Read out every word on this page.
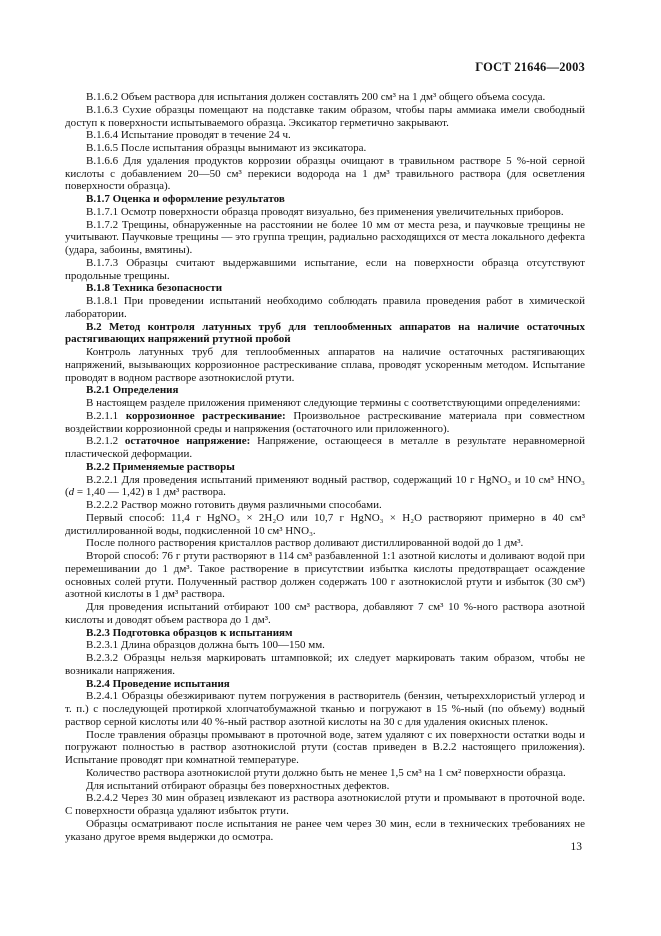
ГОСТ 21646—2003

В.1.6.2 Объем раствора для испытания должен составлять 200 см³ на 1 дм³ общего объема сосуда.

В.1.6.3 Сухие образцы помещают на подставке таким образом, чтобы пары аммиака имели свободный доступ к поверхности испытываемого образца. Эксикатор герметично закрывают.

В.1.6.4 Испытание проводят в течение 24 ч.

В.1.6.5 После испытания образцы вынимают из эксикатора.

В.1.6.6 Для удаления продуктов коррозии образцы очищают в травильном растворе 5 %-ной серной кислоты с добавлением 20—50 см³ перекиси водорода на 1 дм³ травильного раствора (для осветления поверхности образца).

В.1.7 Оценка и оформление результатов

В.1.7.1 Осмотр поверхности образца проводят визуально, без применения увеличительных приборов.

В.1.7.2 Трещины, обнаруженные на расстоянии не более 10 мм от места реза, и паучковые трещины не учитывают. Паучковые трещины — это группа трещин, радиально расходящихся от места локального дефекта (удара, забоины, вмятины).

В.1.7.3 Образцы считают выдержавшими испытание, если на поверхности образца отсутствуют продольные трещины.

В.1.8 Техника безопасности

В.1.8.1 При проведении испытаний необходимо соблюдать правила проведения работ в химической лаборатории.

В.2 Метод контроля латунных труб для теплообменных аппаратов на наличие остаточных растягивающих напряжений ртутной пробой

Контроль латунных труб для теплообменных аппаратов на наличие остаточных растягивающих напряжений, вызывающих коррозионное растрескивание сплава, проводят ускоренным методом. Испытание проводят в водном растворе азотнокислой ртути.

В.2.1 Определения

В настоящем разделе приложения применяют следующие термины с соответствующими определениями:

В.2.1.1 коррозионное растрескивание: Произвольное растрескивание материала при совместном воздействии коррозионной среды и напряжения (остаточного или приложенного).

В.2.1.2 остаточное напряжение: Напряжение, остающееся в металле в результате неравномерной пластической деформации.

В.2.2 Применяемые растворы

В.2.2.1 Для проведения испытаний применяют водный раствор, содержащий 10 г HgNO₃ и 10 см³ HNO₃ (d = 1,40 — 1,42) в 1 дм³ раствора.

В.2.2.2 Раствор можно готовить двумя различными способами.

Первый способ: 11,4 г HgNO₃ × 2H₂O или 10,7 г HgNO₃ × H₂O растворяют примерно в 40 см³ дистиллированной воды, подкисленной 10 см³ HNO₃.

После полного растворения кристаллов раствор доливают дистиллированной водой до 1 дм³.

Второй способ: 76 г ртути растворяют в 114 см³ разбавленной 1:1 азотной кислоты и доливают водой при перемешивании до 1 дм³. Такое растворение в присутствии избытка кислоты предотвращает осаждение основных солей ртути. Полученный раствор должен содержать 100 г азотнокислой ртути и избыток (30 см³) азотной кислоты в 1 дм³ раствора.

Для проведения испытаний отбирают 100 см³ раствора, добавляют 7 см³ 10 %-ного раствора азотной кислоты и доводят объем раствора до 1 дм³.

В.2.3 Подготовка образцов к испытаниям

В.2.3.1 Длина образцов должна быть 100—150 мм.

В.2.3.2 Образцы нельзя маркировать штамповкой; их следует маркировать таким образом, чтобы не возникали напряжения.

В.2.4 Проведение испытания

В.2.4.1 Образцы обезжиривают путем погружения в растворитель (бензин, четыреххлористый углерод и т. п.) с последующей протиркой хлопчатобумажной тканью и погружают в 15 %-ный (по объему) водный раствор серной кислоты или 40 %-ный раствор азотной кислоты на 30 с для удаления окисных пленок.

После травления образцы промывают в проточной воде, затем удаляют с их поверхности остатки воды и погружают полностью в раствор азотнокислой ртути (состав приведен в В.2.2 настоящего приложения). Испытание проводят при комнатной температуре.

Количество раствора азотнокислой ртути должно быть не менее 1,5 см³ на 1 см² поверхности образца.

Для испытаний отбирают образцы без поверхностных дефектов.

В.2.4.2 Через 30 мин образец извлекают из раствора азотнокислой ртути и промывают в проточной воде. С поверхности образца удаляют избыток ртути.

Образцы осматривают после испытания не ранее чем через 30 мин, если в технических требованиях не указано другое время выдержки до осмотра.

13
